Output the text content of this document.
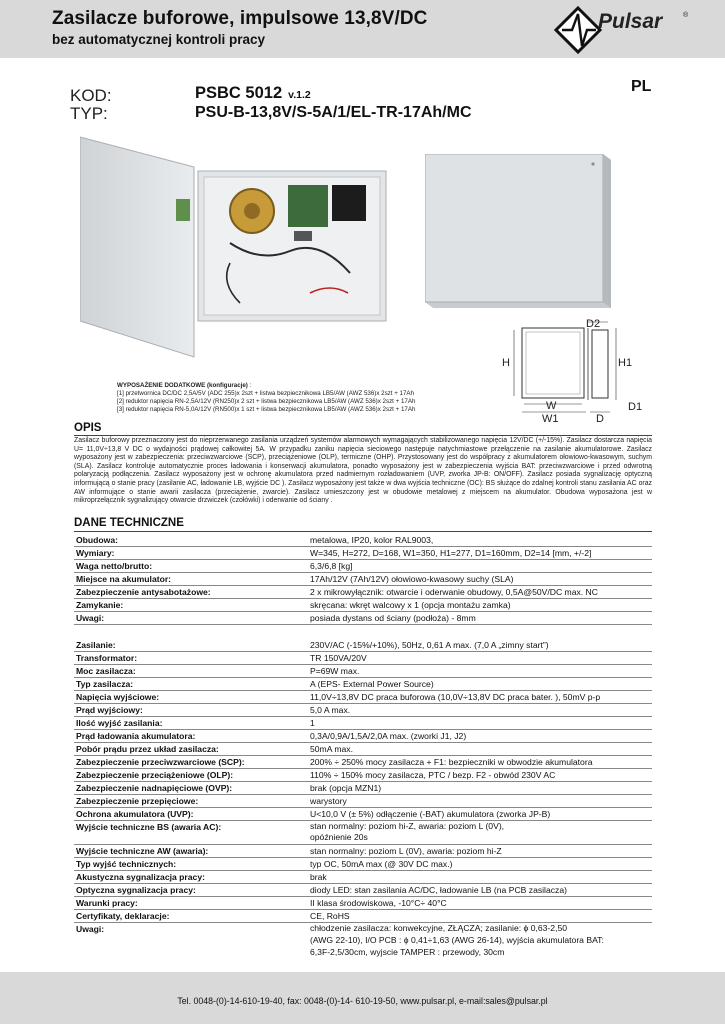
Zasilacze buforowe, impulsowe 13,8V/DC
bez automatycznej kontroli pracy
Pulsar	®
PL
KOD:
TYP:
PSBC 5012 v.1.2
PSU-B-13,8V/S-5A/1/EL-TR-17Ah/MC
D2
H	H1
W
W1	D
D1
WYPOSAŻENIE DODATKOWE (konfiguracje) :
[1] przetwornica DC/DC 2,5A/5V (ADC 255)x 2szt + listwa bezpiecznikowa LB5/AW (AWZ 536)x 2szt + 17Ah
[2] reduktor napięcia RN-2,5A/12V (RN250)x 2 szt + listwa bezpiecznikowa LB5/AW (AWZ 536)x 2szt + 17Ah
[3] reduktor napięcia RN-5,0A/12V (RN500)x 1 szt + listwa bezpiecznikowa LB5/AW (AWZ 536)x 2szt + 17Ah
OPIS
Zasilacz buforowy przeznaczony jest do nieprzerwanego zasilania urządzeń systemów alarmowych wymagających stabilizowanego napięcia 12V/DC (+/-15%). Zasilacz dostarcza napięcia U= 11,0V÷13,8 V DC o wydajności prądowej całkowitej 5A. W przypadku zaniku napięcia sieciowego następuje natychmiastowe przełączenie na zasilanie akumulatorowe. Zasilacz wyposażony jest w zabezpieczenia: przeciwzwarciowe (SCP), przeciążeniowe (OLP), termiczne (OHP). Przystosowany jest do współpracy z akumulatorem ołowiowo-kwasowym, suchym (SLA). Zasilacz kontroluje automatycznie proces ładowania i konserwacji akumulatora, ponadto wyposażony jest w zabezpieczenia wyjścia BAT: przeciwzwarciowe i przed odwrotną polaryzacją podłączenia. Zasilacz wyposażony jest w ochronę akumulatora przed nadmiernym rozładowaniem (UVP, zworka JP-B: ON/OFF). Zasilacz posiada sygnalizację optyczną informującą o stanie pracy (zasilanie AC, ładowanie LB, wyjście DC ). Zasilacz wyposażony jest także w dwa wyjścia techniczne (OC): BS służące do zdalnej kontroli stanu zasilania AC oraz AW informujące o stanie awarii zasilacza (przeciążenie, zwarcie). Zasilacz umieszczony jest w obudowie metalowej z miejscem na akumulator. Obudowa wyposażona jest w mikroprzełącznik sygnalizujący otwarcie drzwiczek (czołówki) i oderwanie od ściany .
DANE TECHNICZNE
Obudowa:	metalowa, IP20, kolor RAL9003,
Wymiary:	W=345, H=272, D=168, W1=350, H1=277, D1=160mm, D2=14 [mm, +/-2]
Waga netto/brutto:	6,3/6,8 [kg]
Miejsce na akumulator:	17Ah/12V (7Ah/12V) ołowiowo-kwasowy suchy (SLA)
Zabezpieczenie antysabotażowe:	2 x mikrowyłącznik: otwarcie i oderwanie obudowy, 0,5A@50V/DC max. NC
Zamykanie:	skręcana: wkręt walcowy x 1 (opcja montażu zamka)
Uwagi:	posiada dystans od ściany (podłoża) - 8mm

Zasilanie:	230V/AC (-15%/+10%), 50Hz, 0,61 A max. (7,0 A „zimny start”)
Transformator:	TR 150VA/20V
Moc zasilacza:	P=69W max.
Typ zasilacza:	A (EPS- External Power Source)
Napięcia wyjściowe:	11,0V÷13,8V DC praca buforowa (10,0V÷13,8V DC praca bater. ), 50mV p-p
Prąd wyjściowy:	5,0 A max.
Ilość wyjść zasilania:	1
Prąd ładowania akumulatora:	0,3A/0,9A/1,5A/2,0A max. (zworki J1, J2)
Pobór prądu przez układ zasilacza:	50mA max.
Zabezpieczenie przeciwzwarciowe (SCP):	200% ÷ 250% mocy zasilacza + F1: bezpieczniki w obwodzie akumulatora
Zabezpieczenie przeciążeniowe (OLP):	110% ÷ 150% mocy zasilacza, PTC / bezp. F2 - obwód 230V AC
Zabezpieczenie nadnapięciowe (OVP):	brak (opcja MZN1)
Zabezpieczenie przepięciowe:	warystory
Ochrona akumulatora (UVP):	U<10,0 V (± 5%) odłączenie (-BAT) akumulatora (zworka JP-B)
Wyjście techniczne BS (awaria AC):	stan normalny: poziom hi-Z, awaria: poziom L (0V),
opóźnienie 20s

Wyjście techniczne AW (awaria):	stan normalny: poziom L (0V), awaria: poziom hi-Z
Typ wyjść technicznych:	typ OC, 50mA max (@ 30V DC max.)
Akustyczna sygnalizacja pracy:	brak
Optyczna sygnalizacja pracy:	diody LED: stan zasilania AC/DC, ładowanie LB (na PCB zasilacza)
Warunki pracy:	II klasa środowiskowa, -10°C÷ 40°C
Certyfikaty, deklaracje:	CE, RoHS
Uwagi:	chłodzenie zasilacza: konwekcyjne, ZŁĄCZA; zasilanie: ϕ 0,63-2,50
(AWG 22-10), I/O PCB : ϕ 0,41÷1,63 (AWG 26-14), wyjścia akumulatora BAT:
6,3F-2,5/30cm, wyjscie TAMPER : przewody, 30cm
Tel. 0048-(0)-14-610-19-40, fax: 0048-(0)-14- 610-19-50, www.pulsar.pl, e-mail:sales@pulsar.pl
